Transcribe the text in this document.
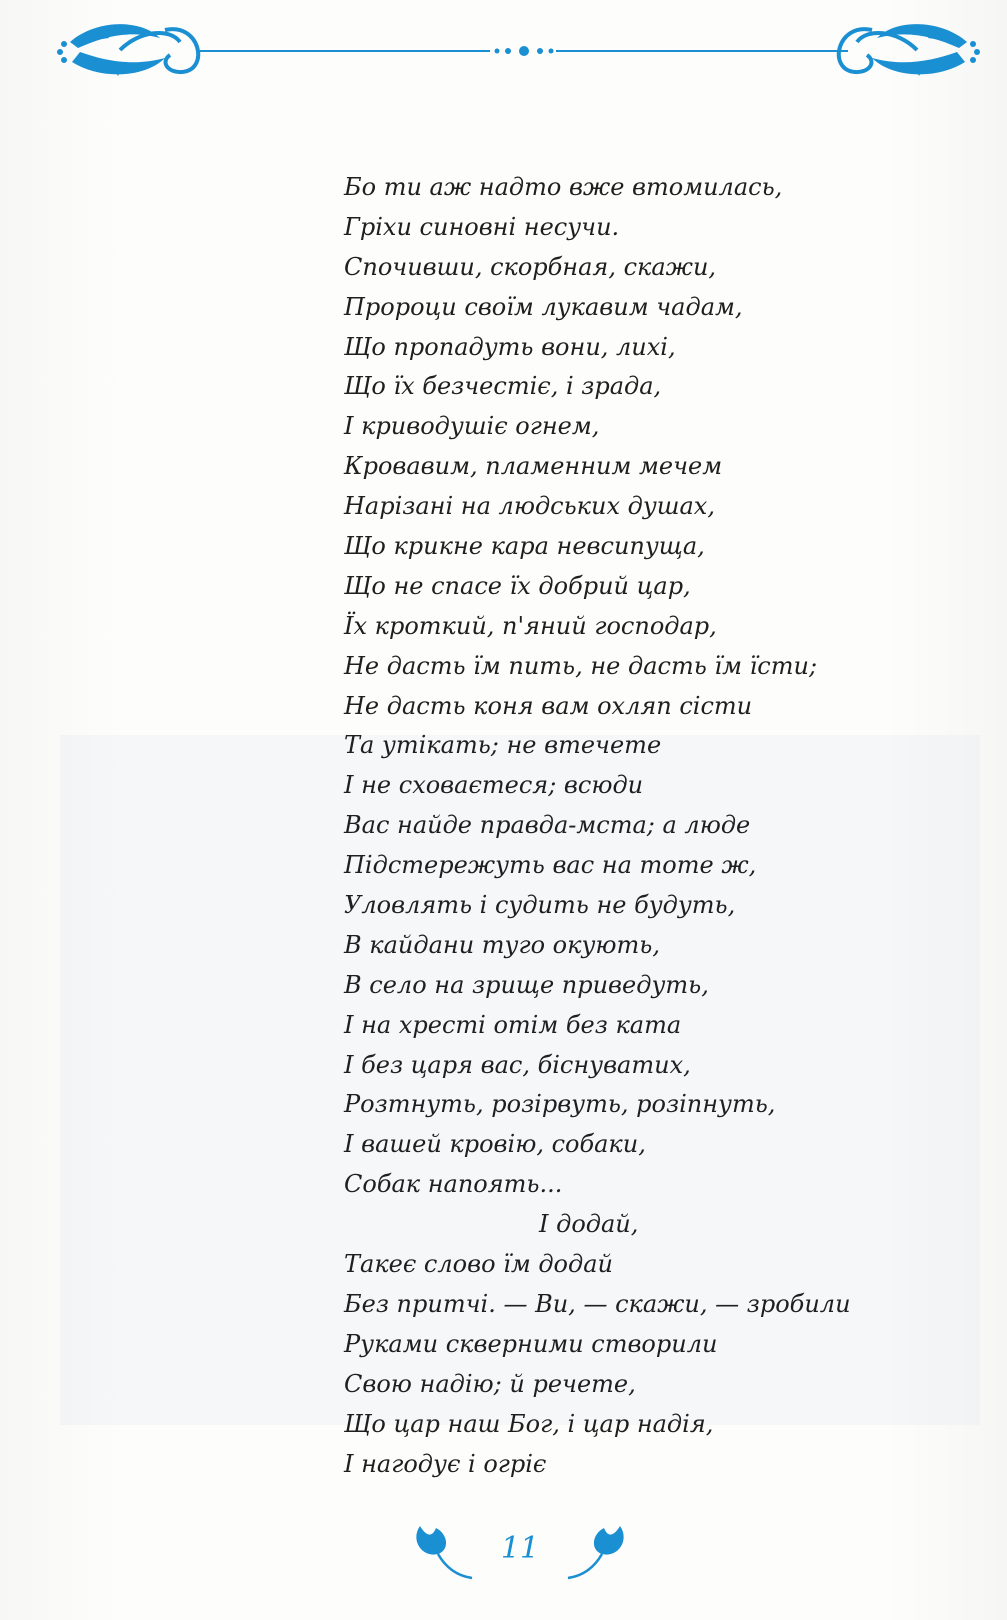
Бо ти аж надто вже втомилась,
Гріхи синовні несучи.
Спочивши, скорбная, скажи,
Пророци своїм лукавим чадам,
Що пропадуть вони, лихі,
Що їх безчестіє, і зрада,
І криводушіє огнем,
Кровавим, пламенним мечем
Нарізані на людських душах,
Що крикне кара невсипуща,
Що не спасе їх добрий цар,
Їх кроткий, п'яний господар,
Не дасть їм пить, не дасть їм їсти;
Не дасть коня вам охляп сісти
Та утікать; не втечете
І не сховаєтеся; всюди
Вас найде правда-мста; а люде
Підстережуть вас на тоте ж,
Уловлять і судить не будуть,
В кайдани туго окують,
В село на зрище приведуть,
І на хресті отім без ката
І без царя вас, біснуватих,
Розтнуть, розірвуть, розіпнуть,
І вашей кровію, собаки,
Собак напоять...
І додай,
Такеє слово їм додай
Без притчі. — Ви, — скажи, — зробили
Руками скверними створили
Свою надію; й речете,
Що цар наш Бог, і цар надія,
І нагодує і огріє
11
